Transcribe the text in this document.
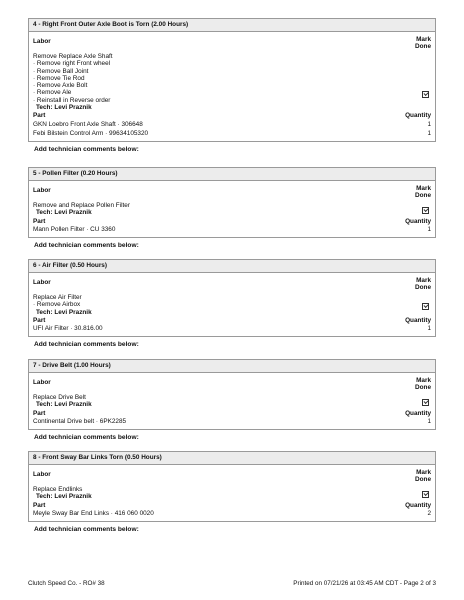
4 - Right Front Outer Axle Boot is Torn (2.00 Hours)
Labor	Mark
Done
Remove Replace Axle Shaft
· Remove right Front wheel
· Remove Ball Joint
· Remove Tie Rod
· Remove Axle Bolt
· Remove Ale
· Reinstall in Reverse order
Tech: Levi Praznik
Part	Quantity
GKN Loebro Front Axle Shaft · 306648	1
Febi Bilstein Control Arm · 99634105320	1
Add technician comments below:
5 - Pollen Filter (0.20 Hours)
Labor	Mark
Done
Remove and Replace Pollen Filter
Tech: Levi Praznik
Part	Quantity
Mann Pollen Filter · CU 3360	1
Add technician comments below:
6 - Air Filter (0.50 Hours)
Labor	Mark
Done
Replace Air Filter
· Remove Airbox
Tech: Levi Praznik
Part	Quantity
UFI Air Filter · 30.816.00	1
Add technician comments below:
7 - Drive Belt (1.00 Hours)
Labor	Mark
Done
Replace Drive Belt
Tech: Levi Praznik
Part	Quantity
Continental Drive belt · 6PK2285	1
Add technician comments below:
8 - Front Sway Bar Links Torn (0.50 Hours)
Labor	Mark
Done
Replace Endlinks
Tech: Levi Praznik
Part	Quantity
Meyle Sway Bar End Links · 416 060 0020	2
Add technician comments below:
Clutch Speed Co. - RO# 38	Printed on 07/21/26 at 03:45 AM CDT - Page 2 of 3
